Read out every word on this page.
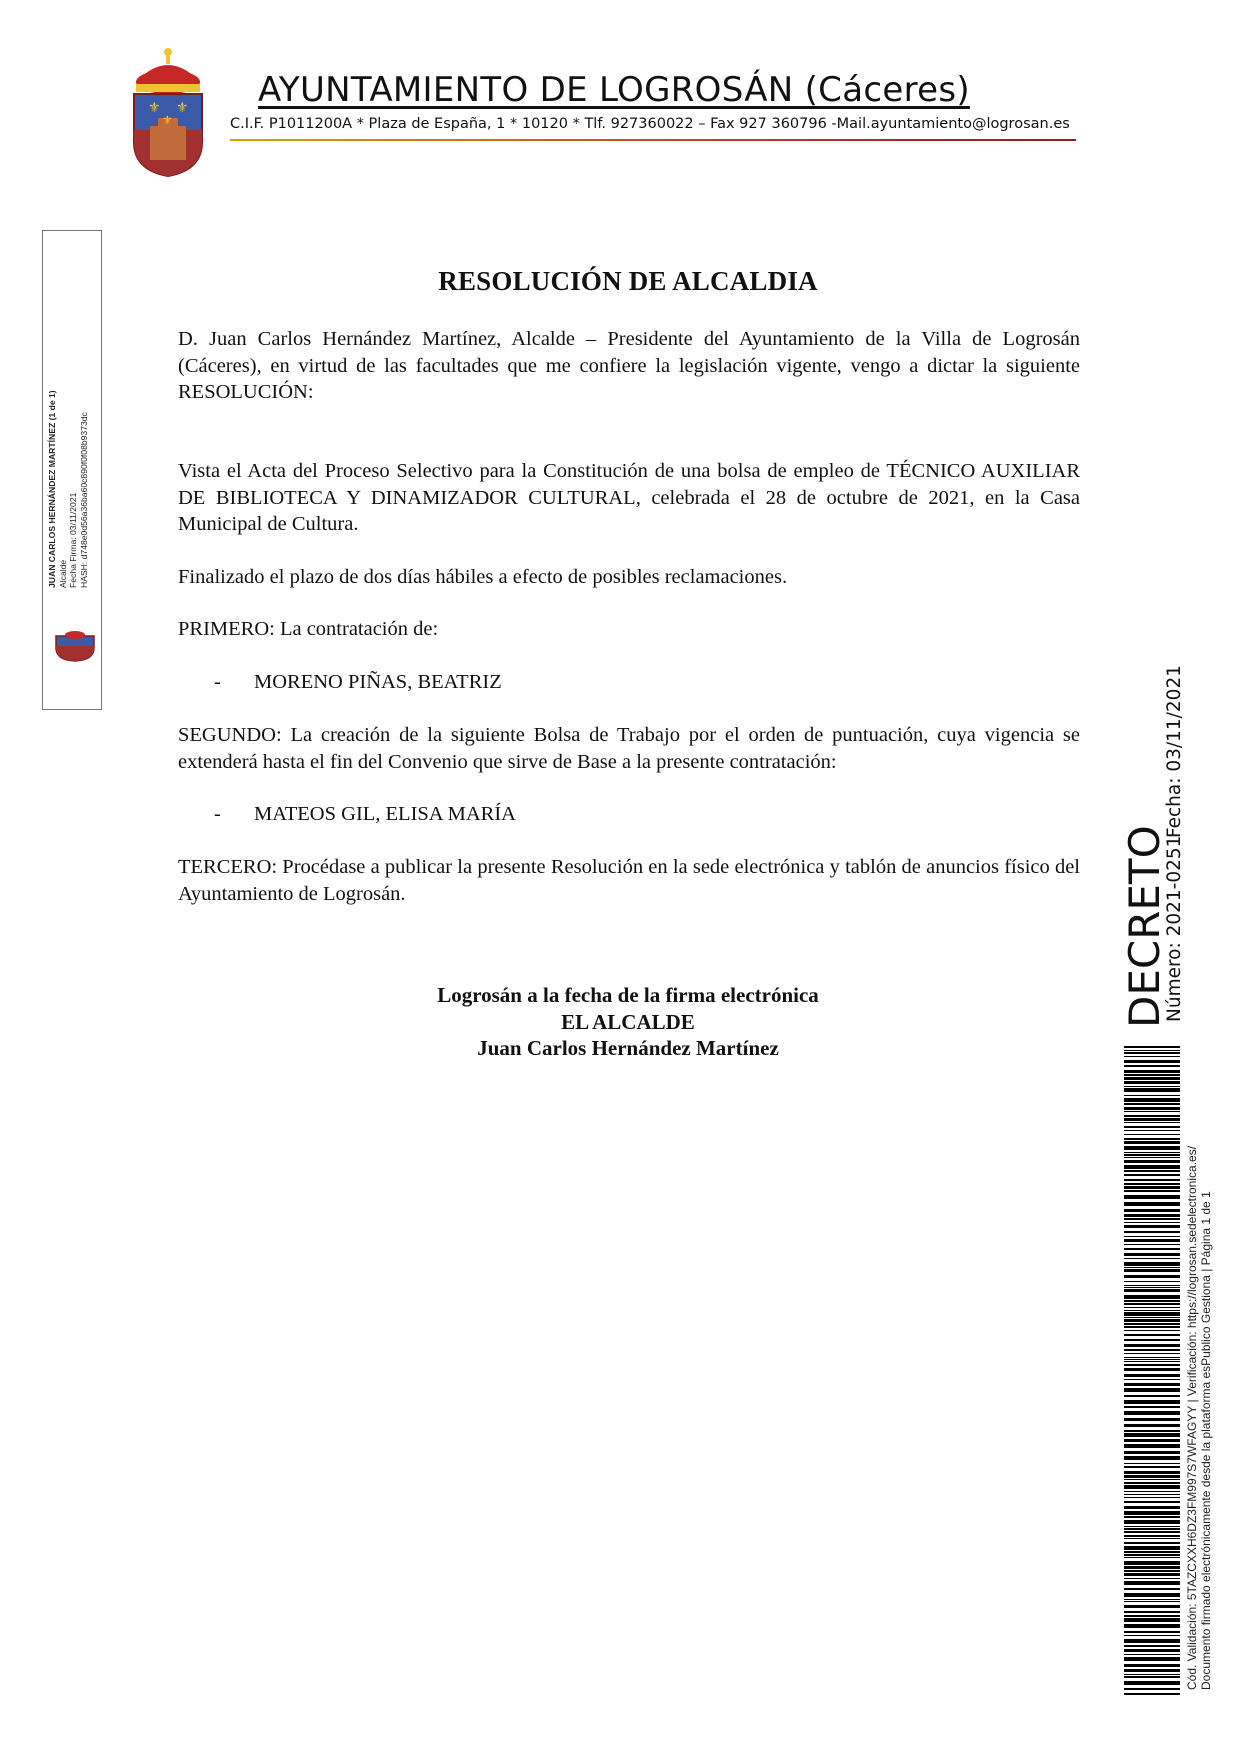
⚜ ⚜
⚜
AYUNTAMIENTO DE LOGROSÁN (Cáceres)
C.I.F. P1011200A * Plaza de España, 1 * 10120 * Tlf. 927360022 – Fax 927 360796 -Mail.ayuntamiento@logrosan.es
JUAN CARLOS HERNÁNDEZ MARTÍNEZ (1 de 1) Alcalde Fecha Firma: 03/11/2021 HASH: d748e0d56a36ba60c890f0f08b9373dc
RESOLUCIÓN DE ALCALDIA
D. Juan Carlos Hernández Martínez, Alcalde – Presidente del Ayuntamiento de la Villa de Logrosán (Cáceres), en virtud de las facultades que me confiere la legislación vigente, vengo a dictar la siguiente RESOLUCIÓN:
Vista el Acta del Proceso Selectivo para la Constitución de una bolsa de empleo de TÉCNICO AUXILIAR DE BIBLIOTECA Y DINAMIZADOR CULTURAL, celebrada el 28 de octubre de 2021, en la Casa Municipal de Cultura.
Finalizado el plazo de dos días hábiles a efecto de posibles reclamaciones.
PRIMERO: La contratación de:
- MORENO PIÑAS, BEATRIZ
SEGUNDO: La creación de la siguiente Bolsa de Trabajo por el orden de puntuación, cuya vigencia se extenderá hasta el fin del Convenio que sirve de Base a la presente contratación:
- MATEOS GIL, ELISA MARÍA
TERCERO: Procédase a publicar la presente Resolución en la sede electrónica y tablón de anuncios físico del Ayuntamiento de Logrosán.
Logrosán a la fecha de la firma electrónica
EL ALCALDE
Juan Carlos Hernández Martínez
DECRETO
Número: 2021-0251
Fecha: 03/11/2021
Cód. Validación: 5TAZCXXH6DZ3FM997S7WFAGYY | Verificación: https://logrosan.sedelectronica.es/ Documento firmado electrónicamente desde la plataforma esPublico Gestiona | Página 1 de 1
